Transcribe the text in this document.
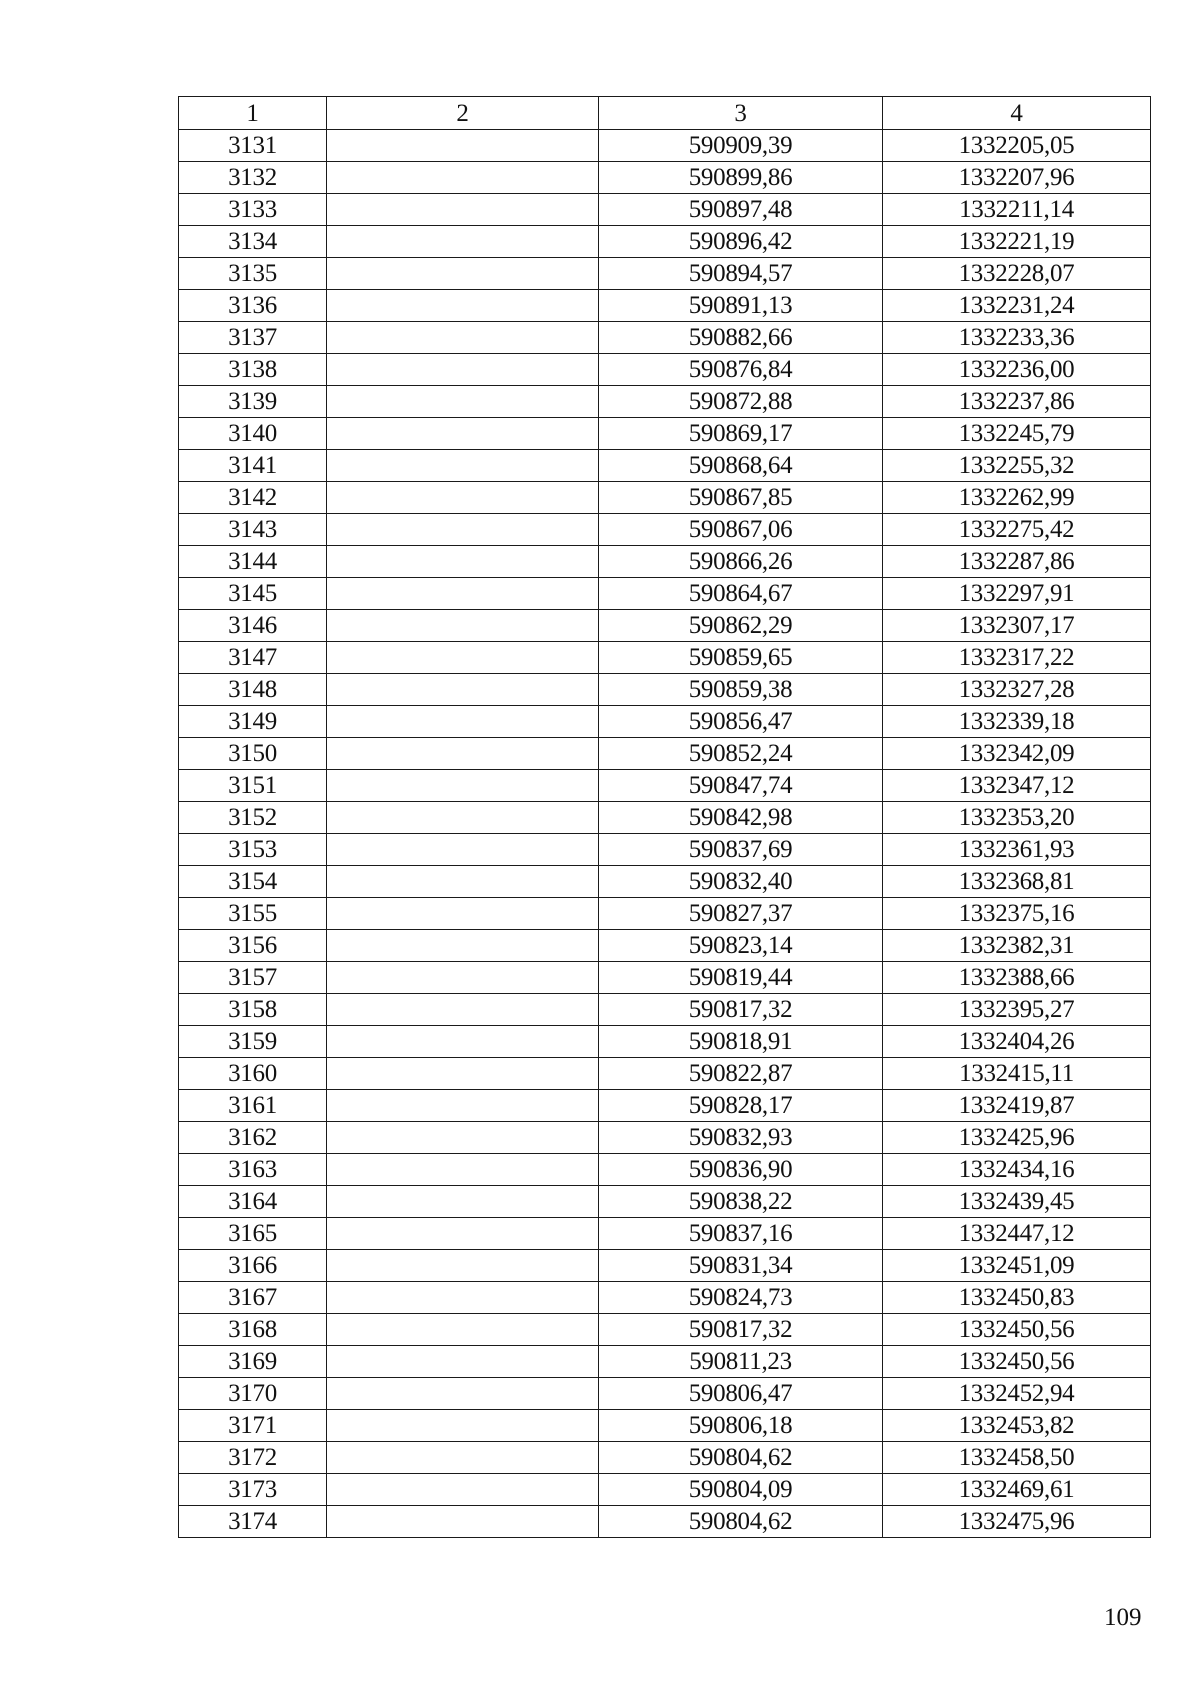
1	2	3	4
3131		590909,39	1332205,05
3132		590899,86	1332207,96
3133		590897,48	1332211,14
3134		590896,42	1332221,19
3135		590894,57	1332228,07
3136		590891,13	1332231,24
3137		590882,66	1332233,36
3138		590876,84	1332236,00
3139		590872,88	1332237,86
3140		590869,17	1332245,79
3141		590868,64	1332255,32
3142		590867,85	1332262,99
3143		590867,06	1332275,42
3144		590866,26	1332287,86
3145		590864,67	1332297,91
3146		590862,29	1332307,17
3147		590859,65	1332317,22
3148		590859,38	1332327,28
3149		590856,47	1332339,18
3150		590852,24	1332342,09
3151		590847,74	1332347,12
3152		590842,98	1332353,20
3153		590837,69	1332361,93
3154		590832,40	1332368,81
3155		590827,37	1332375,16
3156		590823,14	1332382,31
3157		590819,44	1332388,66
3158		590817,32	1332395,27
3159		590818,91	1332404,26
3160		590822,87	1332415,11
3161		590828,17	1332419,87
3162		590832,93	1332425,96
3163		590836,90	1332434,16
3164		590838,22	1332439,45
3165		590837,16	1332447,12
3166		590831,34	1332451,09
3167		590824,73	1332450,83
3168		590817,32	1332450,56
3169		590811,23	1332450,56
3170		590806,47	1332452,94
3171		590806,18	1332453,82
3172		590804,62	1332458,50
3173		590804,09	1332469,61
3174		590804,62	1332475,96
109
